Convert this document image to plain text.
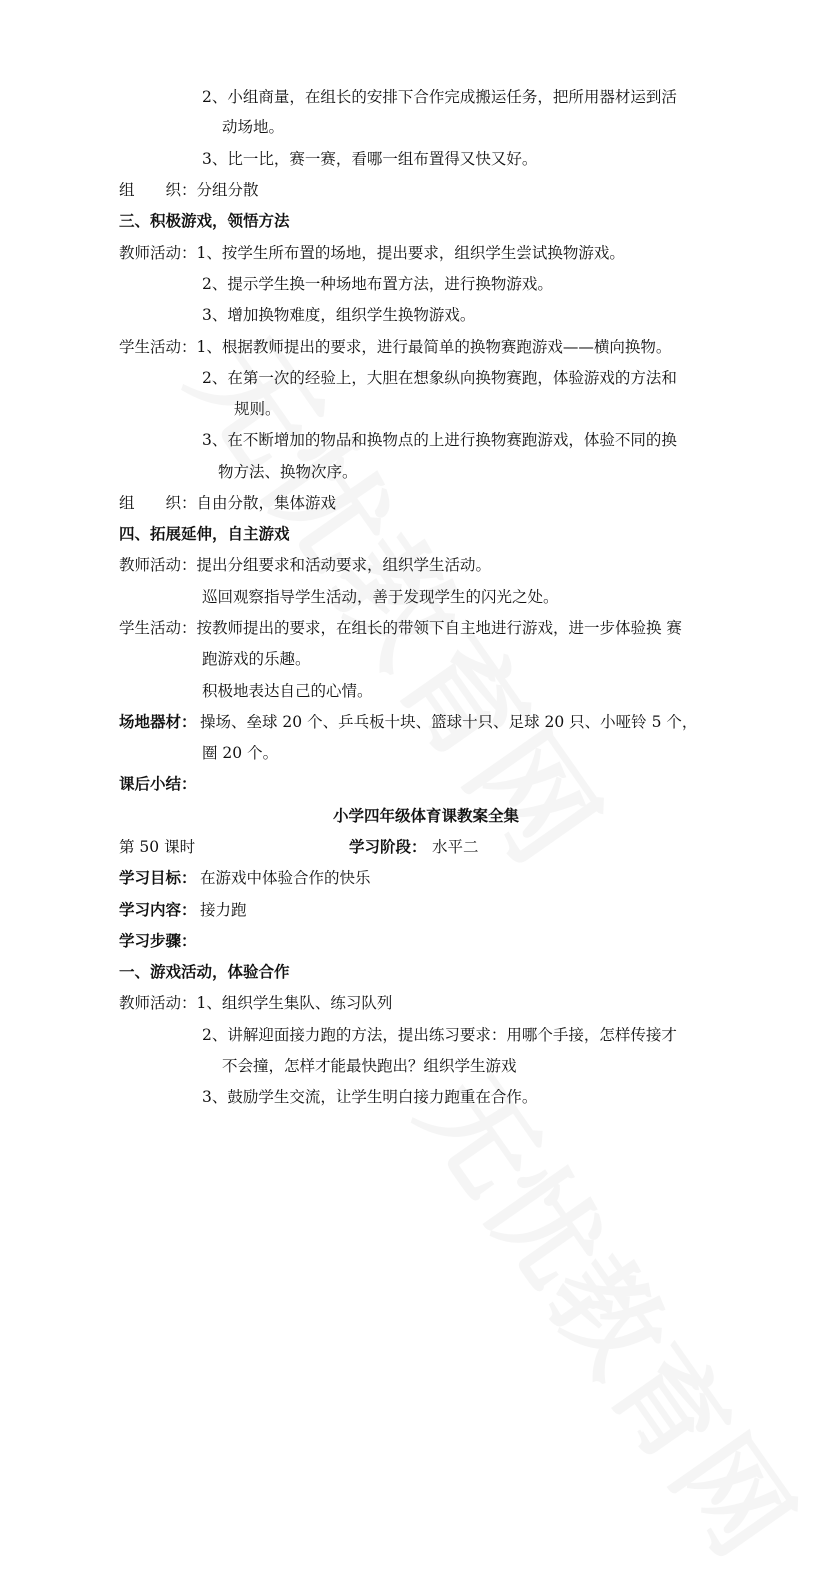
2、小组商量，在组长的安排下合作完成搬运任务，把所用器材运到活
动场地。
3、比一比，赛一赛，看哪一组布置得又快又好。
组　　织：分组分散
三、积极游戏，领悟方法
教师活动：1、按学生所布置的场地，提出要求，组织学生尝试换物游戏。
2、提示学生换一种场地布置方法，进行换物游戏。
3、增加换物难度，组织学生换物游戏。
学生活动：1、根据教师提出的要求，进行最简单的换物赛跑游戏——横向换物。
2、在第一次的经验上，大胆在想象纵向换物赛跑，体验游戏的方法和
规则。
3、在不断增加的物品和换物点的上进行换物赛跑游戏，体验不同的换
物方法、换物次序。
组　　织：自由分散，集体游戏
四、拓展延伸，自主游戏
教师活动：提出分组要求和活动要求，组织学生活动。
巡回观察指导学生活动，善于发现学生的闪光之处。
学生活动：按教师提出的要求，在组长的带领下自主地进行游戏，进一步体验换 赛
跑游戏的乐趣。
积极地表达自己的心情。
场地器材： 操场、垒球 20 个、乒乓板十块、篮球十只、足球 20 只、小哑铃 5 个，
圈 20 个。
课后小结：
小学四年级体育课教案全集
第 50 课时	学习阶段： 水平二
学习目标： 在游戏中体验合作的快乐
学习内容： 接力跑
学习步骤：
一、游戏活动，体验合作
教师活动：1、组织学生集队、练习队列
2、讲解迎面接力跑的方法，提出练习要求：用哪个手接，怎样传接才
不会撞，怎样才能最快跑出？组织学生游戏
3、鼓励学生交流，让学生明白接力跑重在合作。
